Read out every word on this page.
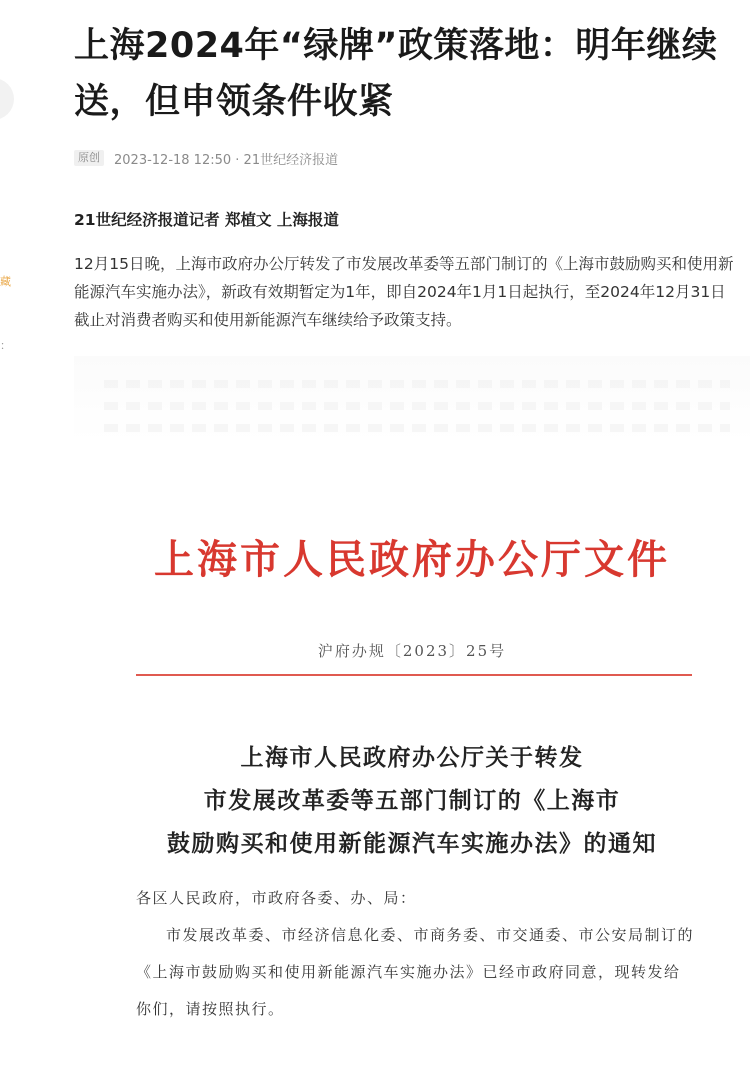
藏
：
上海2024年“绿牌”政策落地：明年继续送，但申领条件收紧
原创	2023-12-18 12:50 · 21世纪经济报道
21世纪经济报道记者 郑植文 上海报道
12月15日晚，上海市政府办公厅转发了市发展改革委等五部门制订的《上海市鼓励购买和使用新能源汽车实施办法》，新政有效期暂定为1年，即自2024年1月1日起执行，至2024年12月31日截止对消费者购买和使用新能源汽车继续给予政策支持。
上海市人民政府办公厅文件
沪府办规〔2023〕25号
上海市人民政府办公厅关于转发
市发展改革委等五部门制订的《上海市
鼓励购买和使用新能源汽车实施办法》的通知

各区人民政府，市政府各委、办、局：

市发展改革委、市经济信息化委、市商务委、市交通委、市公安局制订的《上海市鼓励购买和使用新能源汽车实施办法》已经市政府同意，现转发给你们，请按照执行。
